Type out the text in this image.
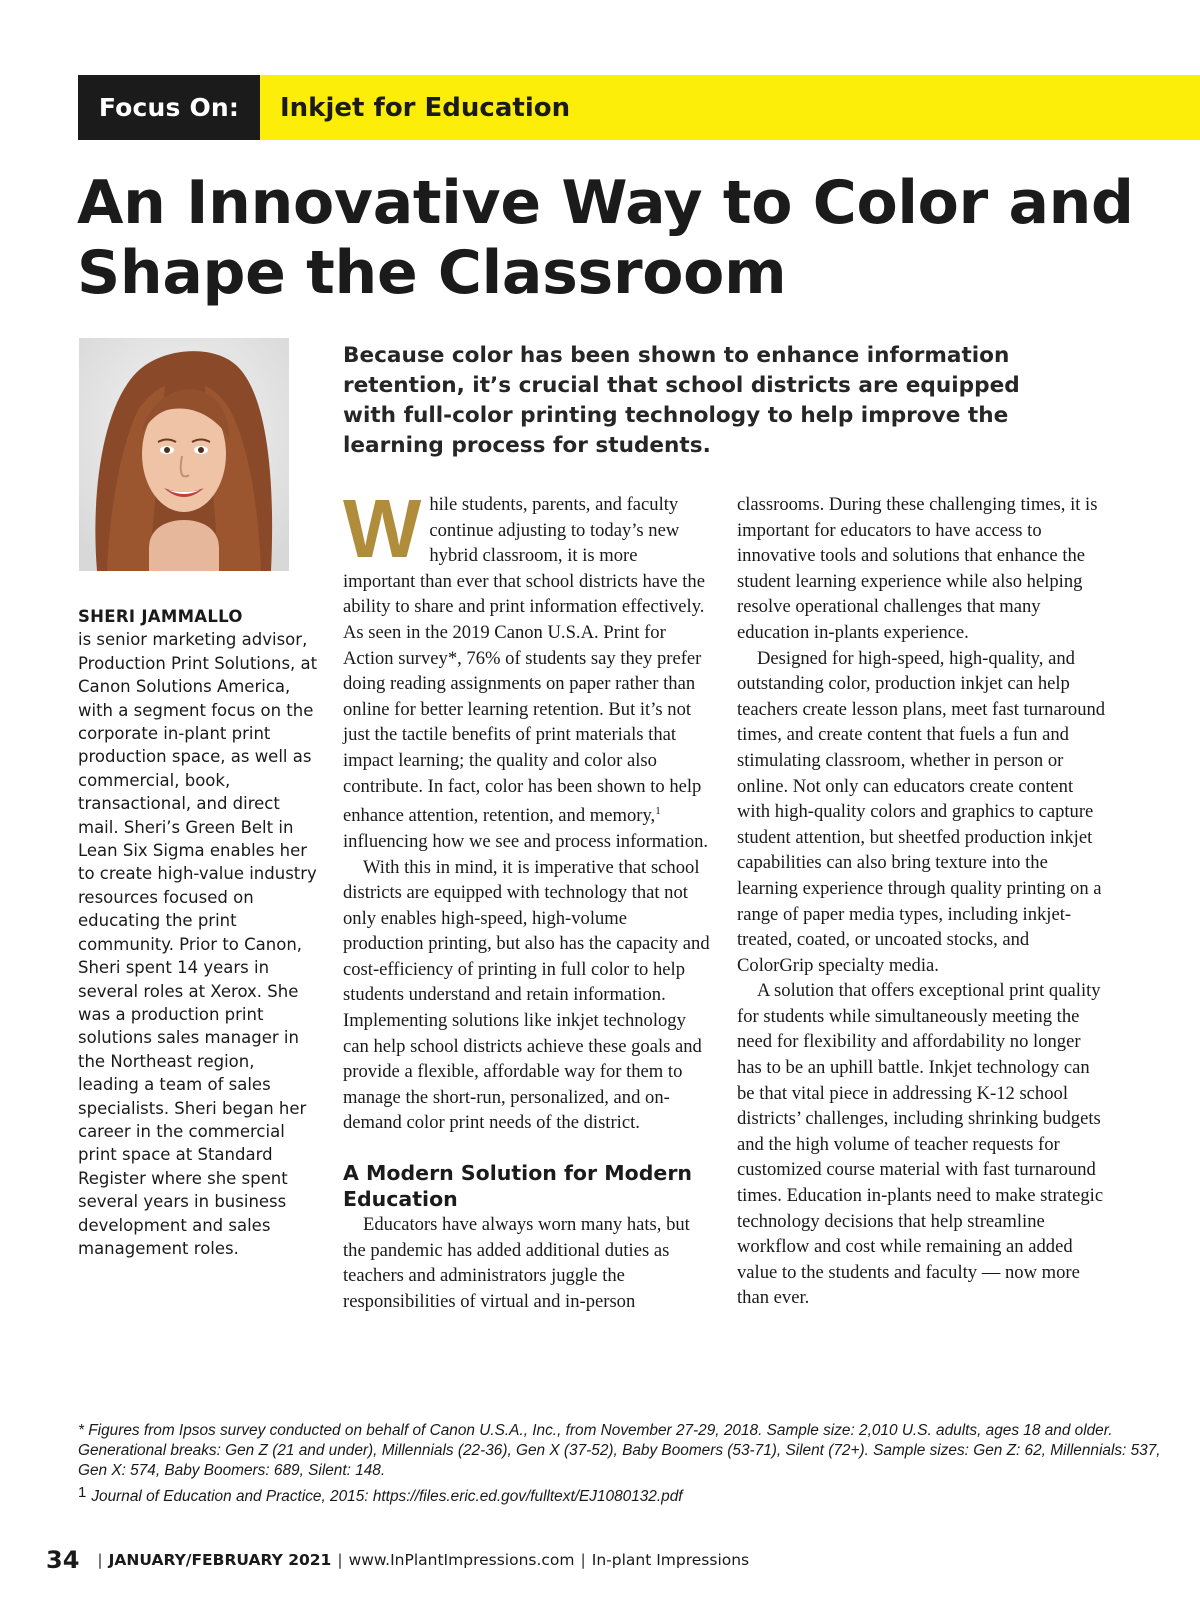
Focus On:	Inkjet for Education
An Innovative Way to Color and
Shape the Classroom
SHERI JAMMALLO
is senior marketing advisor, Production Print Solutions, at Canon Solutions America, with a segment focus on the corporate in-plant print production space, as well as commercial, book, transactional, and direct mail. Sheri’s Green Belt in Lean Six Sigma enables her to create high-value industry resources focused on educating the print community. Prior to Canon, Sheri spent 14 years in several roles at Xerox. She was a production print solutions sales manager in the Northeast region, leading a team of sales specialists. Sheri began her career in the commercial print space at Standard Register where she spent several years in business development and sales management roles.
Because color has been shown to enhance information retention, it’s crucial that school districts are equipped with full-color printing technology to help improve the learning process for students.

While students, parents, and faculty continue adjusting to today’s new hybrid classroom, it is more important than ever that school districts have the ability to share and print information effectively. As seen in the 2019 Canon U.S.A. Print for Action survey*, 76% of students say they prefer doing reading assignments on paper rather than online for better learning retention. But it’s not just the tactile benefits of print materials that impact learning; the quality and color also contribute. In fact, color has been shown to help enhance attention, retention, and memory,$^1$ influencing how we see and process information.

With this in mind, it is imperative that school districts are equipped with technology that not only enables high-speed, high-volume production printing, but also has the capacity and cost-efficiency of printing in full color to help students understand and retain information. Implementing solutions like inkjet technology can help school districts achieve these goals and provide a flexible, affordable way for them to manage the short-run, personalized, and on-demand color print needs of the district.

A Modern Solution for Modern Education

Educators have always worn many hats, but the pandemic has added additional duties as teachers and administrators juggle the responsibilities of virtual and in-person

classrooms. During these challenging times, it is important for educators to have access to innovative tools and solutions that enhance the student learning experience while also helping resolve operational challenges that many education in-plants experience.

Designed for high-speed, high-quality, and outstanding color, production inkjet can help teachers create lesson plans, meet fast turnaround times, and create content that fuels a fun and stimulating classroom, whether in person or online. Not only can educators create content with high-quality colors and graphics to capture student attention, but sheetfed production inkjet capabilities can also bring texture into the learning experience through quality printing on a range of paper media types, including inkjet-treated, coated, or uncoated stocks, and ColorGrip specialty media.

A solution that offers exceptional print quality for students while simultaneously meeting the need for flexibility and affordability no longer has to be an uphill battle. Inkjet technology can be that vital piece in addressing K-12 school districts’ challenges, including shrinking budgets and the high volume of teacher requests for customized course material with fast turnaround times. Education in-plants need to make strategic technology decisions that help streamline workflow and cost while remaining an added value to the students and faculty — now more than ever.

* Figures from Ipsos survey conducted on behalf of Canon U.S.A., Inc., from November 27-29, 2018. Sample size: 2,010 U.S. adults, ages 18 and older. Generational breaks: Gen Z (21 and under), Millennials (22-36), Gen X (37-52), Baby Boomers (53-71), Silent (72+). Sample sizes: Gen Z: 62, Millennials: 537, Gen X: 574, Baby Boomers: 689, Silent: 148.
$^1$ Journal of Education and Practice, 2015: https://files.eric.ed.gov/fulltext/EJ1080132.pdf
34 | JANUARY/FEBRUARY 2021 | www.InPlantImpressions.com | In-plant Impressions
